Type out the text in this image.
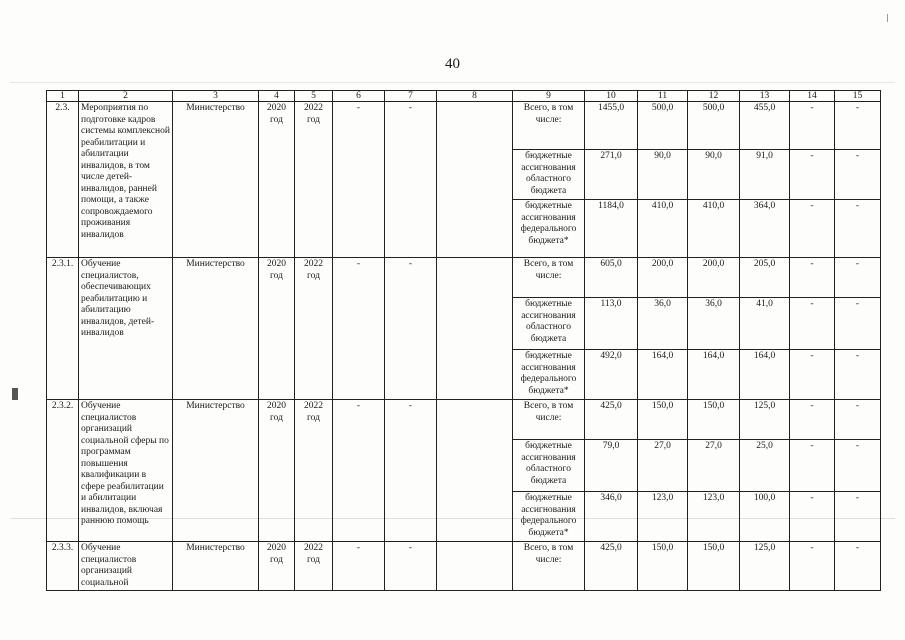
40
1	2	3	4	5	6	7	8	9	10	11	12	13	14	15
2.3.	Мероприятия по подготовке кадров системы комплексной реабилитации и абилитации инвалидов, в том числе детей-инвалидов, ранней помощи, а также сопровождаемого проживания инвалидов	Министерство	2020 год	2022 год	-	-		Всего, в том числе:	1455,0	500,0	500,0	455,0	-	-
								бюджетные ассигнования областного бюджета	271,0	90,0	90,0	91,0	-	-
								бюджетные ассигнования федерального бюджета*	1184,0	410,0	410,0	364,0	-	-
2.3.1.	Обучение специалистов, обеспечивающих реабилитацию и абилитацию инвалидов, детей-инвалидов	Министерство	2020 год	2022 год	-	-		Всего, в том числе:	605,0	200,0	200,0	205,0	-	-
								бюджетные ассигнования областного бюджета	113,0	36,0	36,0	41,0	-	-
								бюджетные ассигнования федерального бюджета*	492,0	164,0	164,0	164,0	-	-
2.3.2.	Обучение специалистов организаций социальной сферы по программам повышения квалификации в сфере реабилитации и абилитации инвалидов, включая раннюю помощь	Министерство	2020 год	2022 год	-	-		Всего, в том числе:	425,0	150,0	150,0	125,0	-	-
								бюджетные ассигнования областного бюджета	79,0	27,0	27,0	25,0	-	-
								бюджетные ассигнования федерального бюджета*	346,0	123,0	123,0	100,0	-	-
2.3.3.	Обучение специалистов организаций социальной	Министерство	2020 год	2022 год	-	-		Всего, в том числе:	425,0	150,0	150,0	125,0	-	-
